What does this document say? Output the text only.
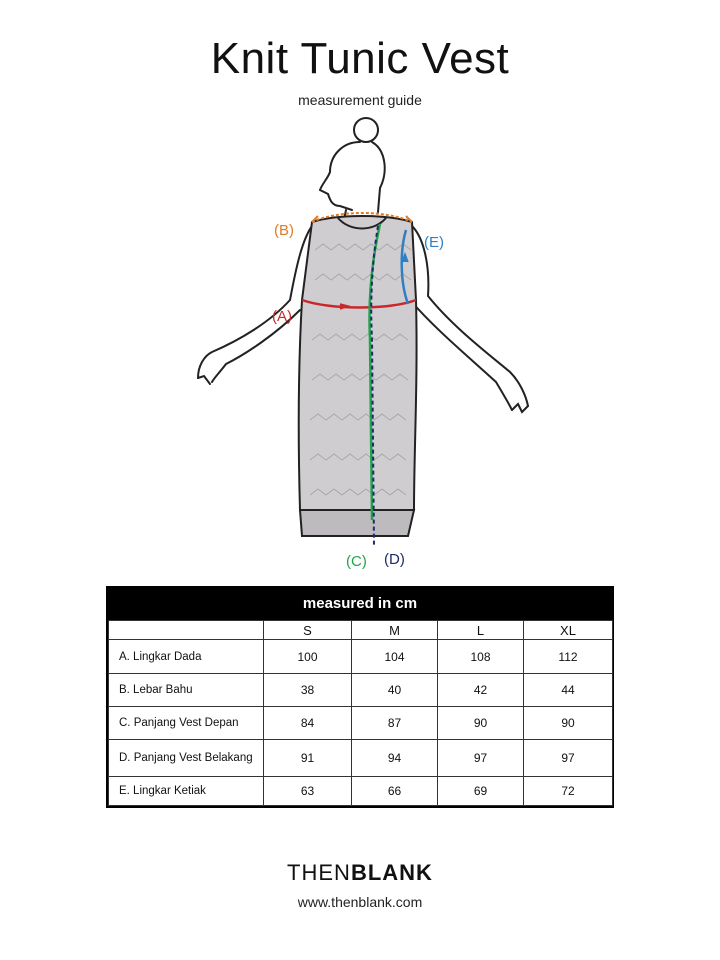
Knit Tunic Vest
measurement guide
(B)
(E)
(A)
(C) (D)
measured in cm
	S	M	L	XL
A. Lingkar Dada	100	104	108	112
B. Lebar Bahu	38	40	42	44
C. Panjang Vest Depan	84	87	90	90
D. Panjang Vest Belakang	91	94	97	97
E. Lingkar Ketiak	63	66	69	72
THENBLANK
www.thenblank.com
